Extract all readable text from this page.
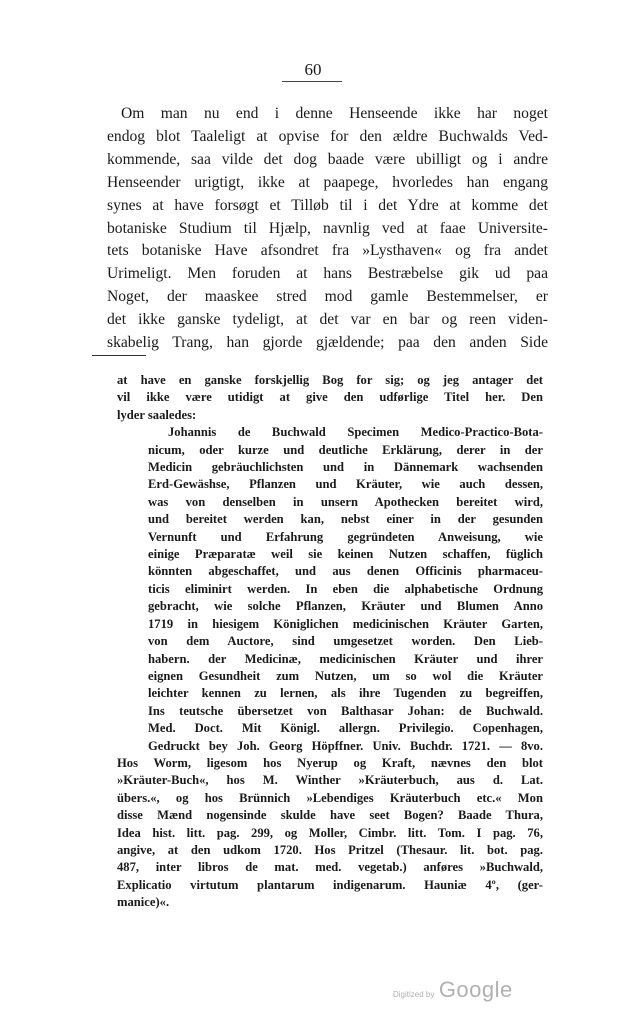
60
Om man nu end i denne Henseende ikke har noget
endog blot Taaleligt at opvise for den ældre Buchwalds Ved-
kommende, saa vilde det dog baade være ubilligt og i andre
Henseender urigtigt, ikke at paapege, hvorledes han engang
synes at have forsøgt et Tilløb til i det Ydre at komme det
botaniske Studium til Hjælp, navnlig ved at faae Universite-
tets botaniske Have afsondret fra »Lysthaven« og fra andet
Urimeligt. Men foruden at hans Bestræbelse gik ud paa
Noget, der maaskee stred mod gamle Bestemmelser, er
det ikke ganske tydeligt, at det var en bar og reen viden-
skabelig Trang, han gjorde gjældende; paa den anden Side
at have en ganske forskjellig Bog for sig; og jeg antager det
vil ikke være utidigt at give den udførlige Titel her. Den
lyder saaledes:
Johannis de Buchwald Specimen Medico-Practico-Bota-
nicum, oder kurze und deutliche Erklärung, derer in der
Medicin gebräuchlichsten und in Dännemark wachsenden
Erd-Gewäshse, Pflanzen und Kräuter, wie auch dessen,
was von denselben in unsern Apothecken bereitet wird,
und bereitet werden kan, nebst einer in der gesunden
Vernunft und Erfahrung gegründeten Anweisung, wie
einige Præparatæ weil sie keinen Nutzen schaffen, füglich
könnten abgeschaffet, und aus denen Officinis pharmaceu-
ticis eliminirt werden. In eben die alphabetische Ordnung
gebracht, wie solche Pflanzen, Kräuter und Blumen Anno
1719 in hiesigem Königlichen medicinischen Kräuter Garten,
von dem Auctore, sind umgesetzet worden. Den Lieb-
habern. der Medicinæ, medicinischen Kräuter und ihrer
eignen Gesundheit zum Nutzen, um so wol die Kräuter
leichter kennen zu lernen, als ihre Tugenden zu begreiffen,
Ins teutsche übersetzet von Balthasar Johan: de Buchwald.
Med. Doct. Mit Königl. allergn. Privilegio. Copenhagen,
Gedruckt bey Joh. Georg Höpffner. Univ. Buchdr. 1721. — 8vo.
Hos Worm, ligesom hos Nyerup og Kraft, nævnes den blot
»Kräuter-Buch«, hos M. Winther »Kräuterbuch, aus d. Lat.
übers.«, og hos Brünnich »Lebendiges Kräuterbuch etc.« Mon
disse Mænd nogensinde skulde have seet Bogen? Baade Thura,
Idea hist. litt. pag. 299, og Moller, Cimbr. litt. Tom. I pag. 76,
angive, at den udkom 1720. Hos Pritzel (Thesaur. lit. bot. pag.
487, inter libros de mat. med. vegetab.) anføres »Buchwald,
Explicatio virtutum plantarum indigenarum. Hauniæ 4º, (ger-
manice)«.
Digitized by Google
